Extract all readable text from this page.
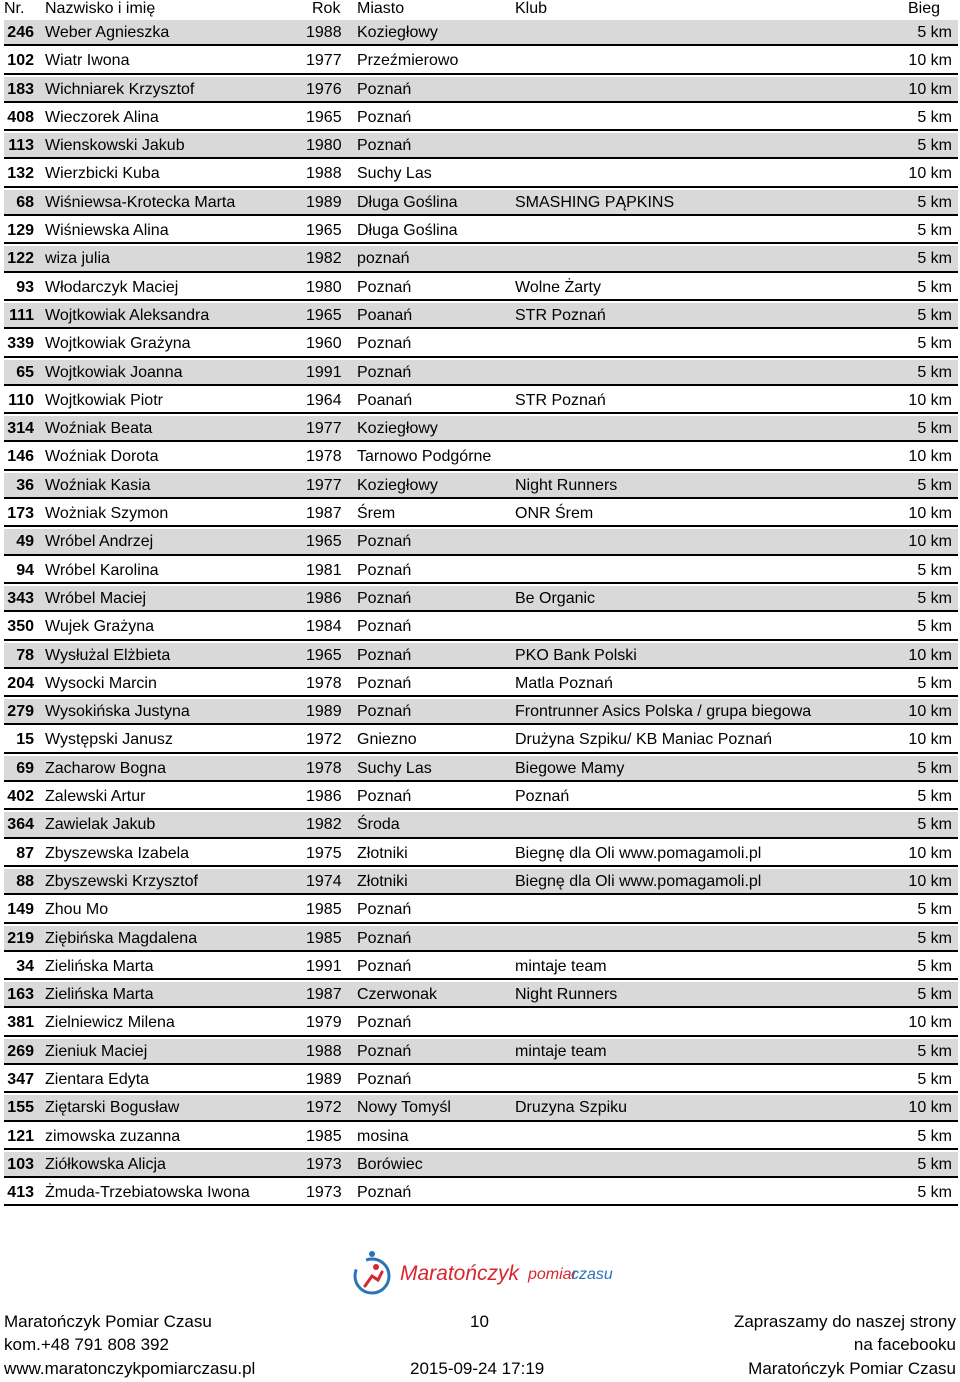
Nr. Nazwisko i imię	Rok Miasto	Klub	Bieg
246 Weber Agnieszka	1988 Koziegłowy	5 km
102 Wiatr Iwona	1977 Przeźmierowo	10 km
183 Wichniarek Krzysztof	1976 Poznań	10 km
408 Wieczorek Alina	1965 Poznań	5 km
113 Wienskowski Jakub	1980 Poznań	5 km
132 Wierzbicki Kuba	1988 Suchy Las	10 km
68 Wiśniewsa-Krotecka Marta	1989 Długa Goślina	SMASHING PĄPKINS	5 km
129 Wiśniewska Alina	1965 Długa Goślina	5 km
122 wiza julia	1982 poznań	5 km
93 Włodarczyk Maciej	1980 Poznań	Wolne Żarty	5 km
111 Wojtkowiak Aleksandra	1965 Poanań	STR Poznań	5 km
339 Wojtkowiak Grażyna	1960 Poznań	5 km
65 Wojtkowiak Joanna	1991 Poznań	5 km
110 Wojtkowiak Piotr	1964 Poanań	STR Poznań	10 km
314 Woźniak Beata	1977 Koziegłowy	5 km
146 Woźniak Dorota	1978 Tarnowo Podgórne	10 km
36 Woźniak Kasia	1977 Koziegłowy	Night Runners	5 km
173 Wożniak Szymon	1987 Śrem	ONR Śrem	10 km
49 Wróbel Andrzej	1965 Poznań	10 km
94 Wróbel Karolina	1981 Poznań	5 km
343 Wróbel Maciej	1986 Poznań	Be Organic	5 km
350 Wujek Grażyna	1984 Poznań	5 km
78 Wysłużal Elżbieta	1965 Poznań	PKO Bank Polski	10 km
204 Wysocki Marcin	1978 Poznań	Matla Poznań	5 km
279 Wysokińska Justyna	1989 Poznań	Frontrunner Asics Polska / grupa biegowa	10 km
15 Występski Janusz	1972 Gniezno	Drużyna Szpiku/ KB Maniac Poznań	10 km
69 Zacharow Bogna	1978 Suchy Las	Biegowe Mamy	5 km
402 Zalewski Artur	1986 Poznań	Poznań	5 km
364 Zawielak Jakub	1982 Środa	5 km
87 Zbyszewska Izabela	1975 Złotniki	Biegnę dla Oli www.pomagamoli.pl	10 km
88 Zbyszewski Krzysztof	1974 Złotniki	Biegnę dla Oli www.pomagamoli.pl	10 km
149 Zhou Mo	1985 Poznań	5 km
219 Ziębińska Magdalena	1985 Poznań	5 km
34 Zielińska Marta	1991 Poznań	mintaje team	5 km
163 Zielińska Marta	1987 Czerwonak	Night Runners	5 km
381 Zielniewicz Milena	1979 Poznań	10 km
269 Zieniuk Maciej	1988 Poznań	mintaje team	5 km
347 Zientara Edyta	1989 Poznań	5 km
155 Ziętarski Bogusław	1972 Nowy Tomyśl	Druzyna Szpiku	10 km
121 zimowska zuzanna	1985 mosina	5 km
103 Ziółkowska Alicja	1973 Borówiec	5 km
413 Żmuda-Trzebiatowska Iwona	1973 Poznań	5 km
Maratończyk pomiar
czasu
Maratończyk Pomiar Czasu
kom.+48 791 808 392
www.maratonczykpomiarczasu.pl
10
2015-09-24 17:19
Zapraszamy do naszej strony
na facebooku
Maratończyk Pomiar Czasu
